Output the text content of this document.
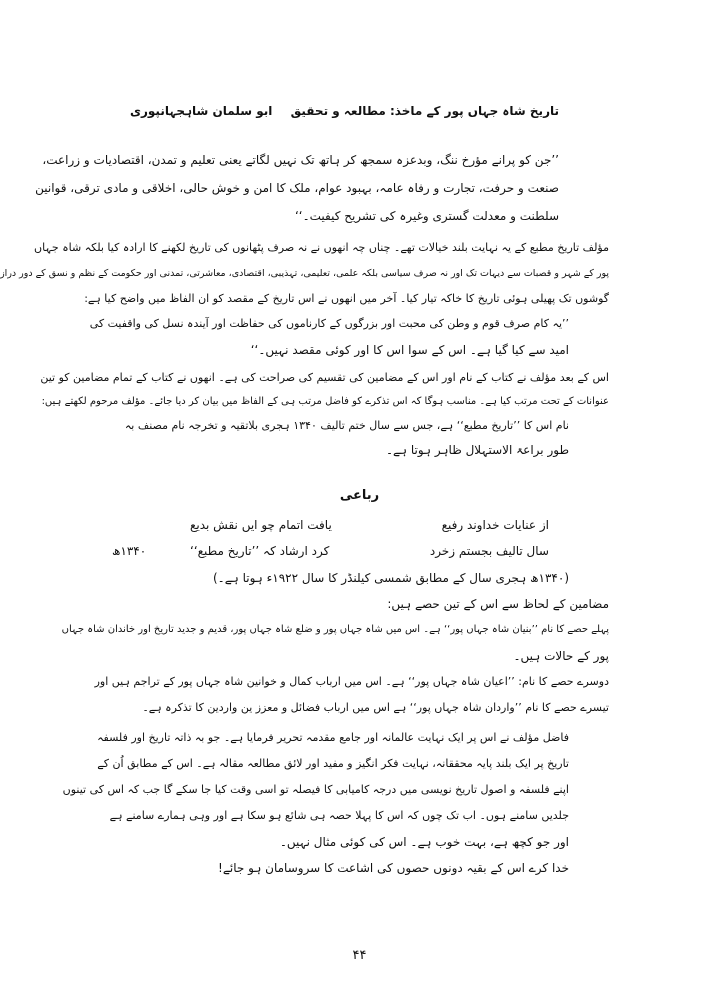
تاریخ شاہ جہاں پور کے ماخذ: مطالعہ و تحقیق
ابو سلمان شاہجہانپوری
’’جن کو پرانے مؤرخ ننگ، وبدعزہ سمجھ کر ہاتھ تک نہیں لگاتے یعنی تعلیم و تمدن، اقتصادیات و زراعت،
صنعت و حرفت، تجارت و رفاہ عامہ، بہبود عوام، ملک کا امن و خوش حالی، اخلاقی و مادی ترقی، قوانین
سلطنت و معدلت گستری وغیرہ کی تشریح کیفیت۔‘‘
مؤلف تاریخ مطبع کے یہ نہایت بلند خیالات تھے۔ چناں چہ انھوں نے نہ صرف پٹھانوں کی تاریخ لکھنے کا ارادہ کیا بلکہ شاہ جہاں
پور کے شہر و قصبات سے دیہات تک اور نہ صرف سیاسی بلکہ علمی، تعلیمی، تہذیبی، اقتصادی، معاشرتی، تمدنی اور حکومت کے نظم و نسق کے دور دراز
گوشوں تک پھیلی ہوئی تاریخ کا خاکہ تیار کیا۔ آخر میں انھوں نے اس تاریخ کے مقصد کو ان الفاظ میں واضح کیا ہے:
’’یہ کام صرف قوم و وطن کی محبت اور بزرگوں کے کارناموں کی حفاظت اور آیندہ نسل کی واقفیت کی
امید سے کیا گیا ہے۔ اس کے سوا اس کا اور کوئی مقصد نہیں۔‘‘
اس کے بعد مؤلف نے کتاب کے نام اور اس کے مضامین کی تقسیم کی صراحت کی ہے۔ انھوں نے کتاب کے تمام مضامین کو تین
عنوانات کے تحت مرتب کیا ہے۔ مناسب ہوگا کہ اس تذکرے کو فاضل مرتب ہی کے الفاظ میں بیان کر دیا جائے۔ مؤلف مرحوم لکھتے ہیں:
نام اس کا ’’تاریخ مطبع‘‘ ہے، جس سے سال ختم تالیف ۱۳۴۰ ہجری بلاتقیہ و تخرجہ نام مصنف بہ
طور براعۃ الاستہلال ظاہر ہوتا ہے۔
رباعی
از عنایات خداوند رفیع
یافت اتمام چو ایں نقش بدیع
سال تالیف بجستم زخرد
کرد ارشاد کہ ’’تاریخ مطبع‘‘
۱۳۴۰ھ
(۱۳۴۰ھ ہجری سال کے مطابق شمسی کیلنڈر کا سال ۱۹۲۲ء ہوتا ہے۔)
مضامین کے لحاظ سے اس کے تین حصے ہیں:
پہلے حصے کا نام ’’بنیان شاہ جہاں پور‘‘ ہے۔ اس میں شاہ جہاں پور و ضلع شاہ جہاں پور، قدیم و جدید تاریخ اور خاندان شاہ جہاں
پور کے حالات ہیں۔
دوسرے حصے کا نام: ’’اعیان شاہ جہاں پور‘‘ ہے۔ اس میں ارباب کمال و خوانین شاہ جہاں پور کے تراجم ہیں اور
تیسرے حصے کا نام ’’واردان شاہ جہاں پور‘‘ ہے اس میں ارباب فضائل و معزز ین واردین کا تذکرہ ہے۔
فاضل مؤلف نے اس پر ایک نہایت عالمانہ اور جامع مقدمہ تحریر فرمایا ہے۔ جو بہ ذاتہ تاریخ اور فلسفہ
تاریخ پر ایک بلند پایہ محققانہ، نہایت فکر انگیز و مفید اور لائق مطالعہ مقالہ ہے۔ اس کے مطابق اُن کے
اپنے فلسفہ و اصول تاریخ نویسی میں درجہ کامیابی کا فیصلہ تو اسی وقت کیا جا سکے گا جب کہ اس کی تینوں
جلدیں سامنے ہوں۔ اب تک چوں کہ اس کا پہلا حصہ ہی شائع ہو سکا ہے اور وہی ہمارے سامنے ہے
اور جو کچھ ہے، بہت خوب ہے۔ اس کی کوئی مثال نہیں۔
خدا کرے اس کے بقیہ دونوں حصوں کی اشاعت کا سروسامان ہو جائے!
۴۴
